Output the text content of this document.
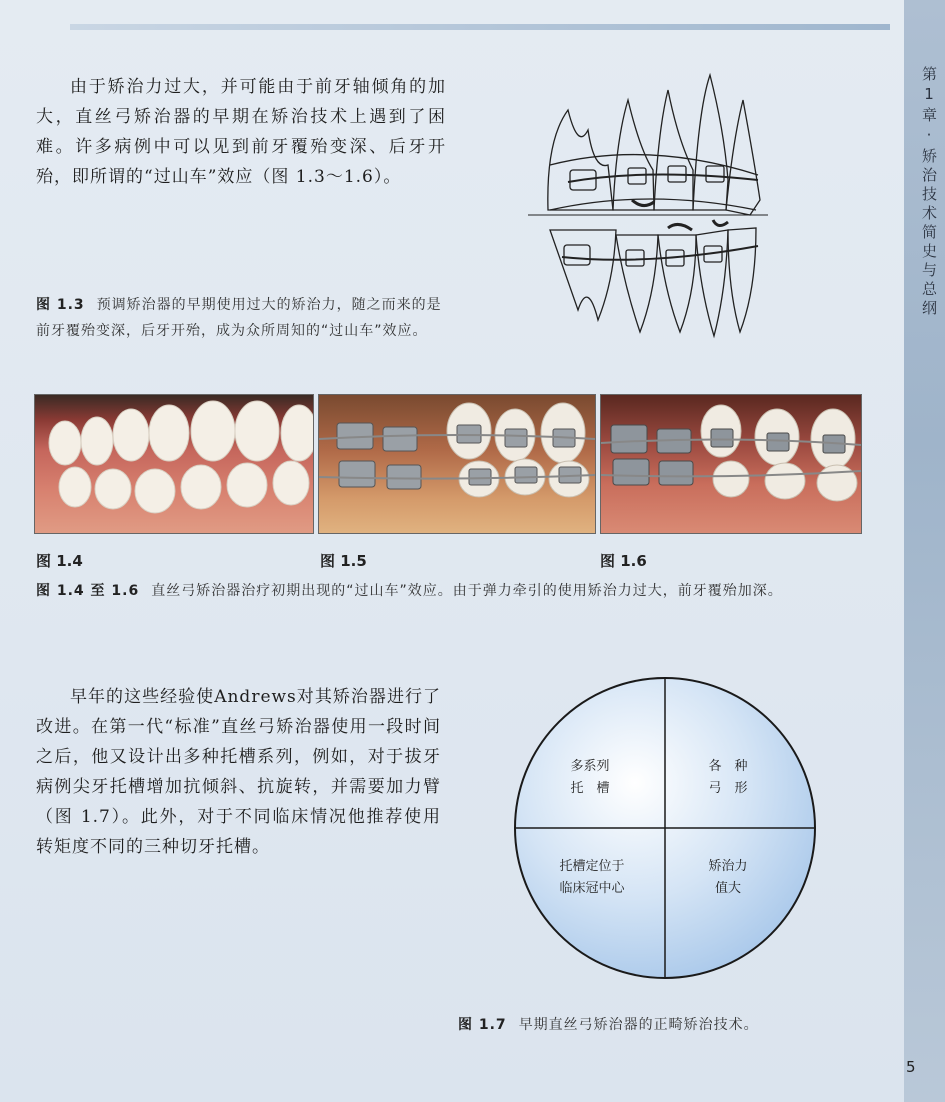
第1章·矫治技术简史与总纲
由于矫治力过大，并可能由于前牙轴倾角的加大，直丝弓矫治器的早期在矫治技术上遇到了困难。许多病例中可以见到前牙覆殆变深、后牙开殆，即所谓的“过山车”效应（图 1.3～1.6）。
图 1.3 预调矫治器的早期使用过大的矫治力，随之而来的是前牙覆殆变深，后牙开殆，成为众所周知的“过山车”效应。
图 1.4	图 1.5	图 1.6
图 1.4 至 1.6 直丝弓矫治器治疗初期出现的“过山车”效应。由于弹力牵引的使用矫治力过大，前牙覆殆加深。
早年的这些经验使Andrews对其矫治器进行了改进。在第一代“标准”直丝弓矫治器使用一段时间之后，他又设计出多种托槽系列，例如，对于拔牙病例尖牙托槽增加抗倾斜、抗旋转，并需要加力臂（图 1.7）。此外，对于不同临床情况他推荐使用转矩度不同的三种切牙托槽。
多系列
托　槽
各　种
弓　形
托槽定位于
临床冠中心
矫治力
值大
图 1.7 早期直丝弓矫治器的正畸矫治技术。
5
